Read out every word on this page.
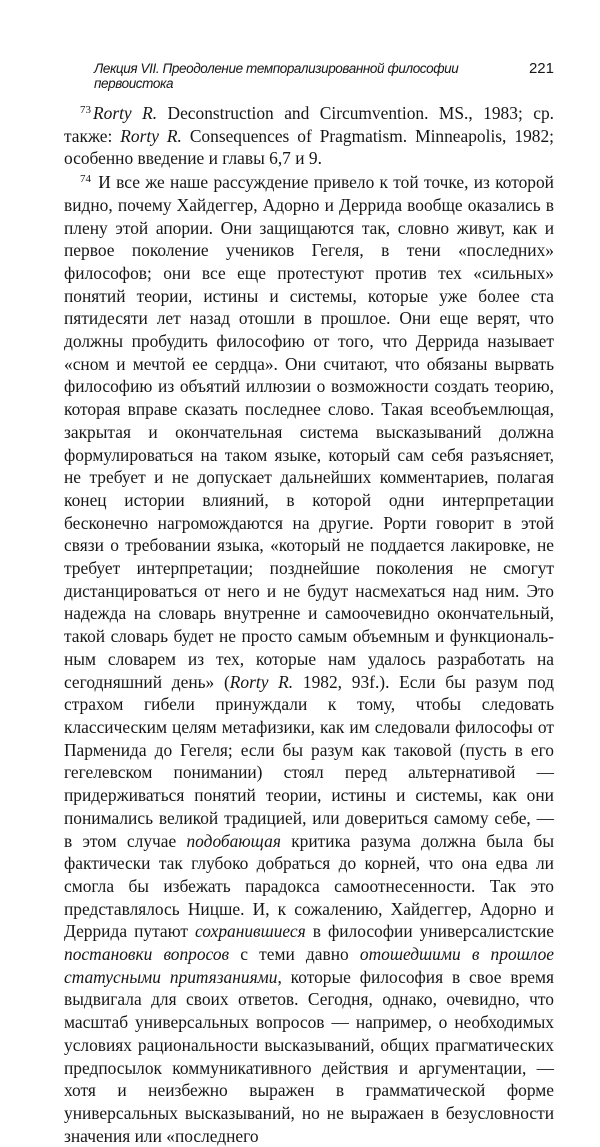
Лекция VII. Преодоление темпорализированной философии первоистока
221

$^{73}$ Rorty R. Deconstruction and Circumvention. MS., 1983; ср. также: Rorty R. Consequences of Pragmatism. Minneapolis, 1982; особенно введение и главы 6,7 и 9.

$^{74}$ И все же наше рассуждение привело к той точке, из которой видно, почему Хайдеггер, Адорно и Деррида вообще оказались в плену этой апории. Они защищаются так, словно живут, как и первое поколение учеников Гегеля, в тени «последних» философов; они все еще протестуют против тех «сильных» понятий теории, истины и системы, которые уже более ста пятидесяти лет назад отошли в прошлое. Они еще верят, что должны пробудить философию от того, что Деррида называет «сном и мечтой ее сердца». Они считают, что обязаны вырвать философию из объятий иллюзии о возможности создать теорию, которая вправе сказать последнее слово. Такая всеобъемлющая, закрытая и окончательная система высказываний должна формулироваться на таком языке, который сам себя разъясняет, не требует и не допускает дальнейших комментариев, полагая конец истории влияний, в которой одни интерпретации бесконечно нагромождаются на другие. Рорти говорит в этой связи о требовании языка, «который не поддается лакировке, не требует интерпретации; позднейшие поколения не смогут дистанцироваться от него и не будут насмехаться над ним. Это надежда на словарь внутренне и самоочевидно окончательный, такой словарь будет не просто самым объемным и функциональным словарем из тех, которые нам удалось разработать на сегодняшний день» (Rorty R. 1982, 93f.). Если бы разум под страхом гибели принуждали к тому, чтобы следовать классическим целям метафизики, как им следовали философы от Парменида до Гегеля; если бы разум как таковой (пусть в его гегелевском понимании) стоял перед альтернативой — придерживаться понятий теории, истины и системы, как они понимались великой традицией, или довериться самому себе, — в этом случае подобающая критика разума должна была бы фактически так глубоко добраться до корней, что она едва ли смогла бы избежать парадокса самоотнесенности. Так это представлялось Ницше. И, к сожалению, Хайдеггер, Адорно и Деррида путают сохранившиеся в философии универсалистские постановки вопросов с теми давно отошедшими в прошлое статусными притязаниями, которые философия в свое время выдвигала для своих ответов. Сегодня, однако, очевидно, что масштаб универсальных вопросов — например, о необходимых условиях рациональности высказываний, общих прагматических предпосылок коммуникативного действия и аргументации, — хотя и неизбежно выражен в грамматической форме универсальных высказываний, но не выражаен в безусловности значения или «последнего
